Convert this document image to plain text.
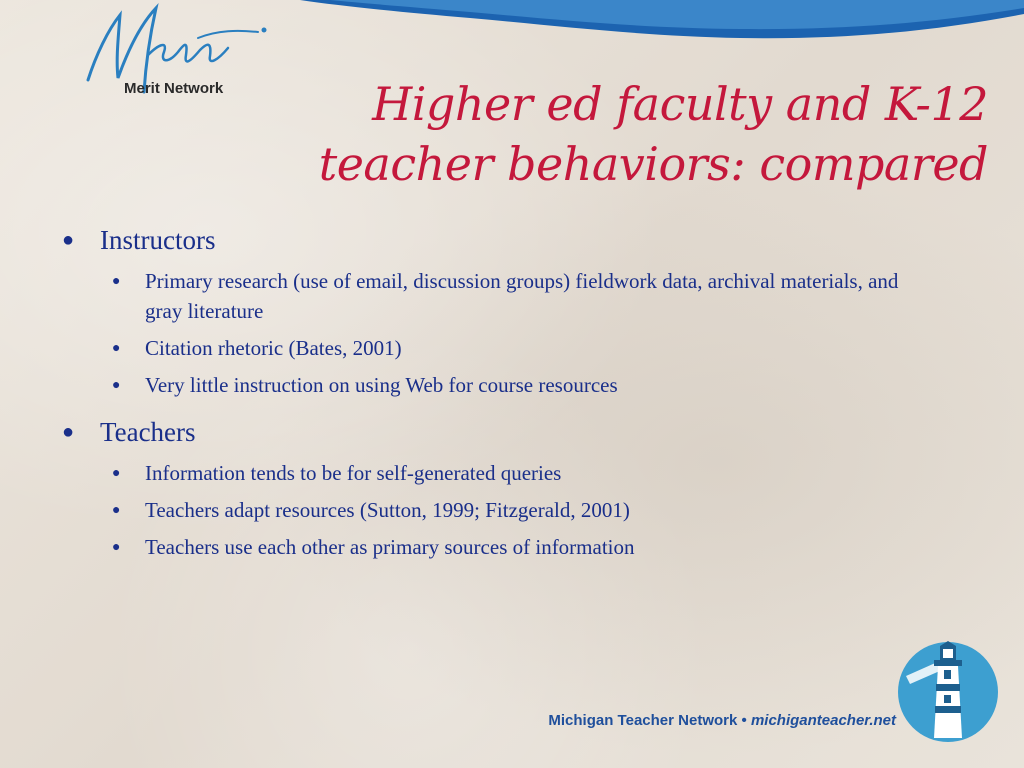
Merit Network	Higher ed faculty and K-12
teacher behaviors: compared
● Instructors
● Primary research (use of email, discussion groups) fieldwork data, archival materials, and gray literature
● Citation rhetoric (Bates, 2001)
● Very little instruction on using Web for course resources
● Teachers
● Information tends to be for self-generated queries
● Teachers adapt resources (Sutton, 1999; Fitzgerald, 2001)
● Teachers use each other as primary sources of information
Michigan Teacher Network • michiganteacher.net
